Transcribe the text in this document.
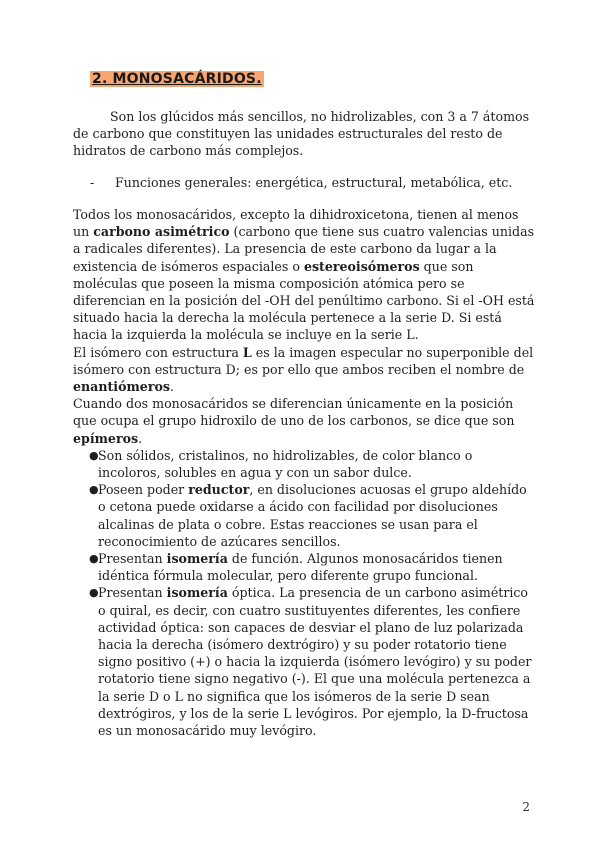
2. MONOSACÁRIDOS.
Son los glúcidos más sencillos, no hidrolizables, con 3 a 7 átomos de carbono que constituyen las unidades estructurales del resto de hidratos de carbono más complejos.
- Funciones generales: energética, estructural, metabólica, etc.

Todos los monosacáridos, excepto la dihidroxicetona, tienen al menos un carbono asimétrico (carbono que tiene sus cuatro valencias unidas a radicales diferentes). La presencia de este carbono da lugar a la existencia de isómeros espaciales o estereoisómeros que son moléculas que poseen la misma composición atómica pero se diferencian en la posición del -OH del penúltimo carbono. Si el -OH está situado hacia la derecha la molécula pertenece a la serie D. Si está hacia la izquierda la molécula se incluye en la serie L.

El isómero con estructura L es la imagen especular no superponible del isómero con estructura D; es por ello que ambos reciben el nombre de enantiómeros.

Cuando dos monosacáridos se diferencian únicamente en la posición que ocupa el grupo hidroxilo de uno de los carbonos, se dice que son epímeros.

● Son sólidos, cristalinos, no hidrolizables, de color blanco o incoloros, solubles en agua y con un sabor dulce.
● Poseen poder reductor, en disoluciones acuosas el grupo aldehído o cetona puede oxidarse a ácido con facilidad por disoluciones alcalinas de plata o cobre. Estas reacciones se usan para el reconocimiento de azúcares sencillos.
● Presentan isomería de función. Algunos monosacáridos tienen idéntica fórmula molecular, pero diferente grupo funcional.
● Presentan isomería óptica. La presencia de un carbono asimétrico o quiral, es decir, con cuatro sustituyentes diferentes, les confiere actividad óptica: son capaces de desviar el plano de luz polarizada hacia la derecha (isómero dextrógiro) y su poder rotatorio tiene signo positivo (+) o hacia la izquierda (isómero levógiro) y su poder rotatorio tiene signo negativo (-). El que una molécula pertenezca a la serie D o L no significa que los isómeros de la serie D sean dextrógiros, y los de la serie L levógiros. Por ejemplo, la D-fructosa es un monosacárido muy levógiro.
2
